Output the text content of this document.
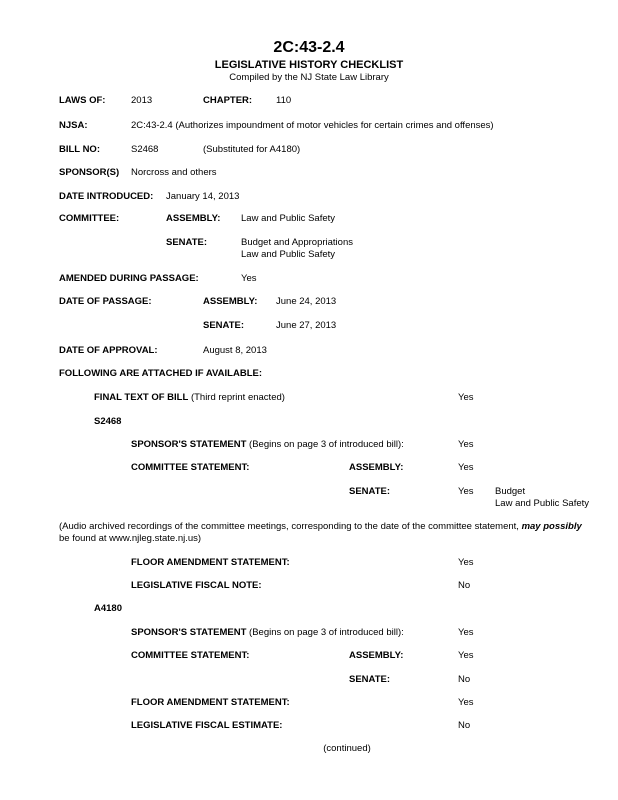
2C:43-2.4
LEGISLATIVE HISTORY CHECKLIST
Compiled by the NJ State Law Library
LAWS OF:	2013	CHAPTER:	110
NJSA:	2C:43-2.4 (Authorizes impoundment of motor vehicles for certain crimes and offenses)
BILL NO:	S2468	(Substituted for A4180)
SPONSOR(S) Norcross and others
DATE INTRODUCED: January 14, 2013
COMMITTEE:	ASSEMBLY: Law and Public Safety
SENATE:	Budget and Appropriations
Law and Public Safety
AMENDED DURING PASSAGE:	Yes
DATE OF PASSAGE:	ASSEMBLY: June 24, 2013
SENATE:	June 27, 2013
DATE OF APPROVAL:	August 8, 2013
FOLLOWING ARE ATTACHED IF AVAILABLE:
FINAL TEXT OF BILL (Third reprint enacted)	Yes
S2468
SPONSOR'S STATEMENT (Begins on page 3 of introduced bill):	Yes
COMMITTEE STATEMENT:	ASSEMBLY:	Yes
SENATE:	Yes Budget
Law and Public Safety
(Audio archived recordings of the committee meetings, corresponding to the date of the committee statement, may possibly
be found at www.njleg.state.nj.us)
FLOOR AMENDMENT STATEMENT:	Yes
LEGISLATIVE FISCAL NOTE:	No
A4180
SPONSOR'S STATEMENT (Begins on page 3 of introduced bill):	Yes
COMMITTEE STATEMENT:	ASSEMBLY:	Yes
SENATE:	No
FLOOR AMENDMENT STATEMENT:	Yes
LEGISLATIVE FISCAL ESTIMATE:	No
(continued)
